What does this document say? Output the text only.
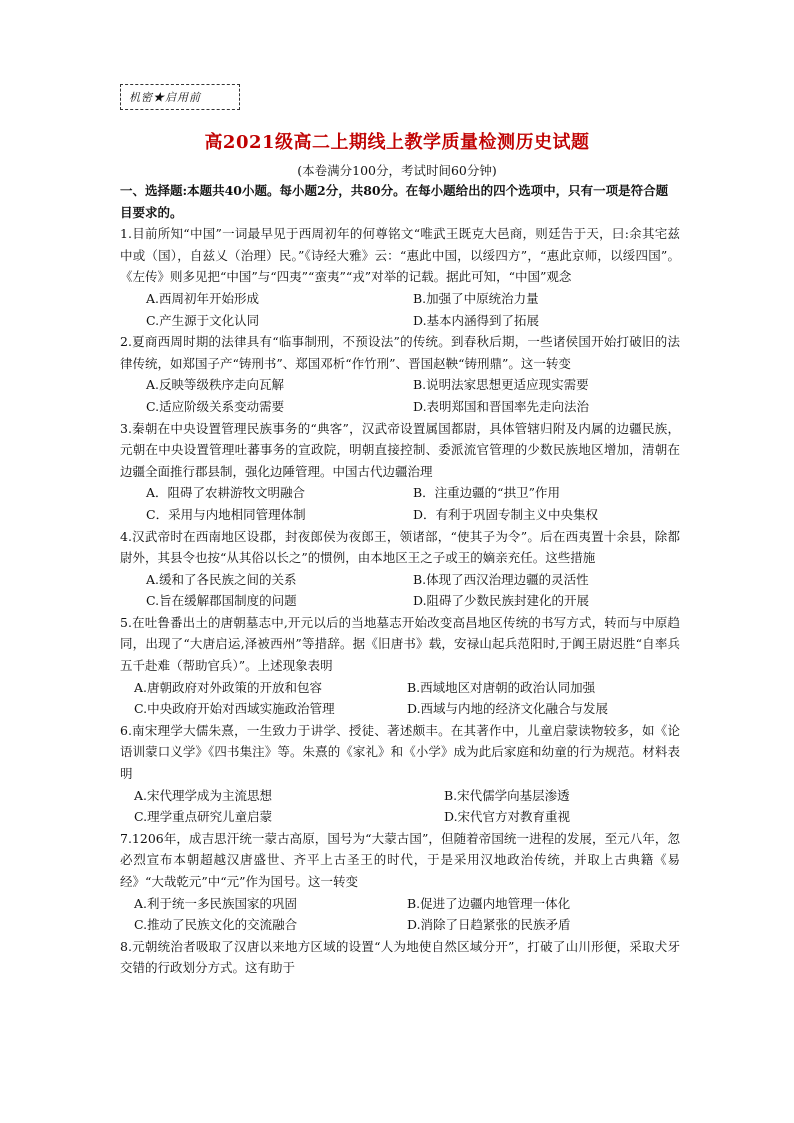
机密★启用前
高2021级高二上期线上教学质量检测历史试题
(本卷满分100分，考试时间60分钟)

一、选择题:本题共40小题。每小题2分，共80分。在每小题给出的四个选项中，只有一项是符合题目要求的。

1.目前所知“中国”一词最早见于西周初年的何尊铭文“唯武王既克大邑商，则廷告于天，曰:余其宅兹中或（国），自兹乂（治理）民。”《诗经大雅》云：“惠此中国，以绥四方”，“惠此京师，以绥四国”。《左传》则多见把“中国”与“四夷”“蛮夷”“戎”对举的记载。据此可知，“中国”观念

A.西周初年开始形成	B.加强了中原统治力量
C.产生源于文化认同	D.基本内涵得到了拓展

2.夏商西周时期的法律具有“临事制刑，不预设法”的传统。到春秋后期，一些诸侯国开始打破旧的法律传统，如郑国子产“铸刑书”、郑国邓析“作竹刑”、晋国赵鞅“铸刑鼎”。这一转变

A.反映等级秩序走向瓦解	B.说明法家思想更适应现实需要
C.适应阶级关系变动需要	D.表明郑国和晋国率先走向法治

3.秦朝在中央设置管理民族事务的“典客”，汉武帝设置属国都尉，具体管辖归附及内属的边疆民族，元朝在中央设置管理吐蕃事务的宣政院，明朝直接控制、委派流官管理的少数民族地区增加，清朝在边疆全面推行郡县制，强化边陲管理。中国古代边疆治理

A．阻碍了农耕游牧文明融合	B．注重边疆的“拱卫”作用
C．采用与内地相同管理体制	D．有利于巩固专制主义中央集权

4.汉武帝时在西南地区设郡，封夜郎侯为夜郎王，领诸部，“使其子为令”。后在西夷置十余县，除都尉外，其县令也按“从其俗以长之”的惯例，由本地区王之子或王的嫡亲充任。这些措施

A.缓和了各民族之间的关系	B.体现了西汉治理边疆的灵活性
C.旨在缓解郡国制度的问题	D.阻碍了少数民族封建化的开展

5.在吐鲁番出土的唐朝墓志中,开元以后的当地墓志开始改变高昌地区传统的书写方式，转而与中原趋同，出现了“大唐启运,泽被西州”等措辞。据《旧唐书》载，安禄山起兵范阳时,于阗王尉迟胜“自率兵五千赴难（帮助官兵）”。上述现象表明

A.唐朝政府对外政策的开放和包容	B.西域地区对唐朝的政治认同加强
C.中央政府开始对西域实施政治管理	D.西域与内地的经济文化融合与发展

6.南宋理学大儒朱熹，一生致力于讲学、授徒、著述颇丰。在其著作中，儿童启蒙读物较多，如《论语训蒙口义学》《四书集注》等。朱熹的《家礼》和《小学》成为此后家庭和幼童的行为规范。材料表明

A.宋代理学成为主流思想	B.宋代儒学向基层渗透
C.理学重点研究儿童启蒙	D.宋代官方对教育重视

7.1206年，成吉思汗统一蒙古高原，国号为“大蒙古国”，但随着帝国统一进程的发展，至元八年，忽必烈宣布本朝超越汉唐盛世、齐平上古圣王的时代，于是采用汉地政治传统，并取上古典籍《易经》“大哉乾元”中“元”作为国号。这一转变

A.利于统一多民族国家的巩固	B.促进了边疆内地管理一体化
C.推动了民族文化的交流融合	D.消除了日趋紧张的民族矛盾

8.元朝统治者吸取了汉唐以来地方区域的设置“人为地使自然区域分开”，打破了山川形便，采取犬牙交错的行政划分方式。这有助于
